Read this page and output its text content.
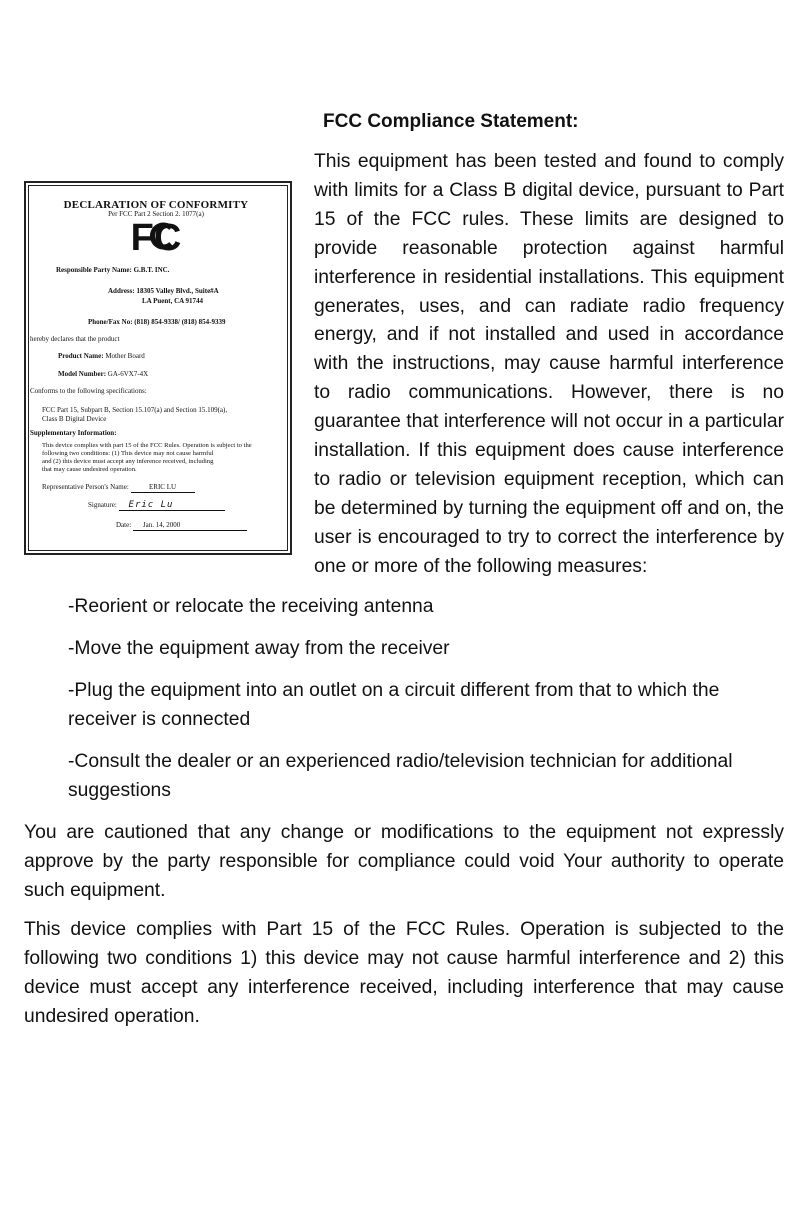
FCC Compliance Statement:
DECLARATION OF CONFORMITY
Per FCC Part 2 Section 2. 1077(a)
FC

Responsible Party Name: G.B.T. INC.

Address: 18305 Valley Blvd., Suite#A

LA Puent, CA 91744

Phone/Fax No: (818) 854-9338/ (818) 854-9339

hereby declares that the product

Product Name: Mother Board

Model Number: GA-6VX7-4X

Conforms to the following specifications:

FCC Part 15, Subpart B, Section 15.107(a) and Section 15.109(a),

Class B Digital Device

Supplementary Information:

This device complies with part 15 of the FCC Rules. Operation is subject to the

following two conditions: (1) This device may not cause harmful

and (2) this device must accept any inference received, including

that may cause undesired operation.

Representative Person's Name:	ERIC LU

Signature: Eric Lu

Date: Jan. 14, 2000

This equipment has been tested and found to comply with limits for a Class B digital device, pursuant to Part 15 of the FCC rules. These limits are designed to provide reasonable protection against harmful interference in residential installations. This equipment generates, uses, and can radiate radio frequency energy, and if not installed and used in accordance with the instructions, may cause harmful interference to radio communications. However, there is no guarantee that interference will not occur in a particular installation. If this equipment does cause interference to radio or television equipment reception, which can be determined by turning the equipment off and on, the user is encouraged to try to correct the interference by one or more of the following measures:

-Reorient or relocate the receiving antenna
-Move the equipment away from the receiver
-Plug the equipment into an outlet on a circuit different from that to which the receiver is connected
-Consult the dealer or an experienced radio/television technician for additional suggestions

You are cautioned that any change or modifications to the equipment not expressly approve by the party responsible for compliance could void Your authority to operate such equipment.

This device complies with Part 15 of the FCC Rules. Operation is subjected to the following two conditions 1) this device may not cause harmful interference and 2) this device must accept any interference received, including interference that may cause undesired operation.
